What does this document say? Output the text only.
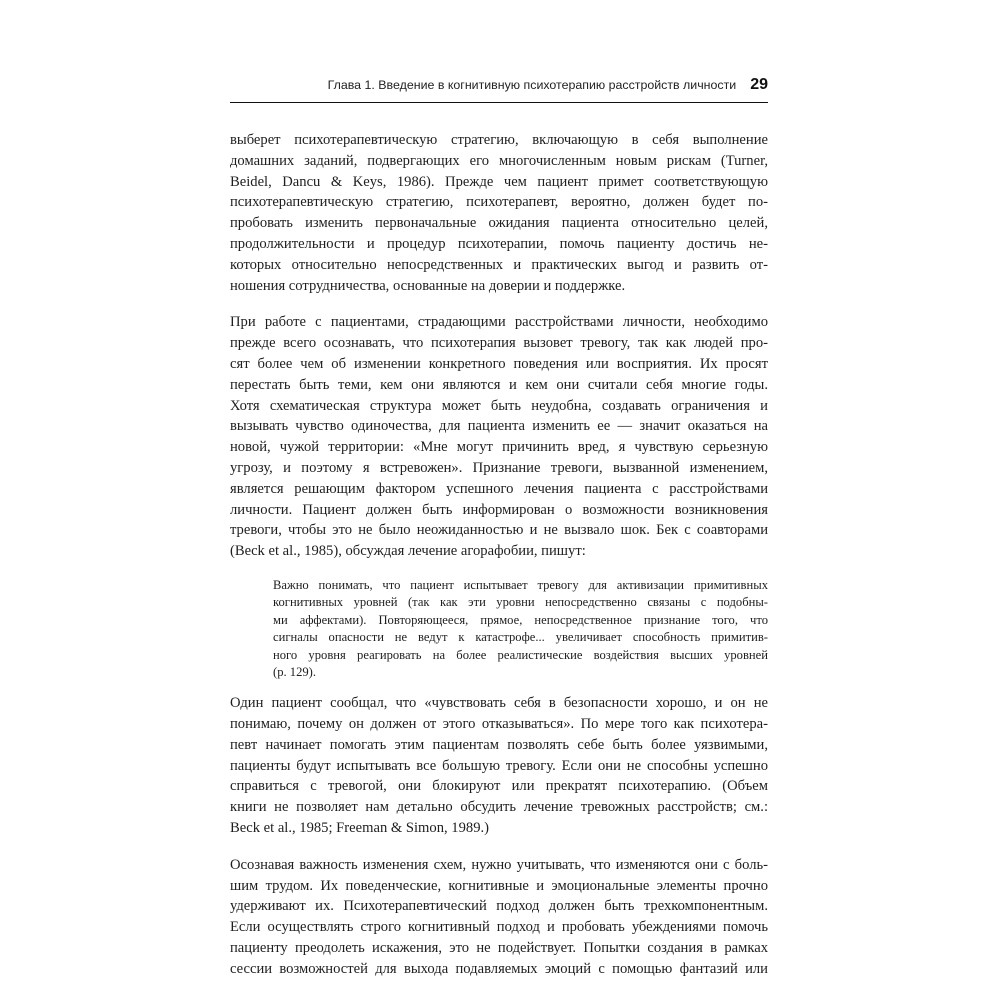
Глава 1. Введение в когнитивную психотерапию расстройств личности 29

выберет психотерапевтическую стратегию, включающую в себя выполнение
домашних заданий, подвергающих его многочисленным новым рискам (Turner,
Beidel, Dancu & Keys, 1986). Прежде чем пациент примет соответствующую
психотерапевтическую стратегию, психотерапевт, вероятно, должен будет по-
пробовать изменить первоначальные ожидания пациента относительно целей,
продолжительности и процедур психотерапии, помочь пациенту достичь не-
которых относительно непосредственных и практических выгод и развить от-
ношения сотрудничества, основанные на доверии и поддержке.

При работе с пациентами, страдающими расстройствами личности, необходимо
прежде всего осознавать, что психотерапия вызовет тревогу, так как людей про-
сят более чем об изменении конкретного поведения или восприятия. Их просят
перестать быть теми, кем они являются и кем они считали себя многие годы.
Хотя схематическая структура может быть неудобна, создавать ограничения и
вызывать чувство одиночества, для пациента изменить ее — значит оказаться на
новой, чужой территории: «Мне могут причинить вред, я чувствую серьезную
угрозу, и поэтому я встревожен». Признание тревоги, вызванной изменением,
является решающим фактором успешного лечения пациента с расстройствами
личности. Пациент должен быть информирован о возможности возникновения
тревоги, чтобы это не было неожиданностью и не вызвало шок. Бек с соавторами
(Beck et al., 1985), обсуждая лечение агорафобии, пишут:

Важно понимать, что пациент испытывает тревогу для активизации примитивных
когнитивных уровней (так как эти уровни непосредственно связаны с подобны-
ми аффектами). Повторяющееся, прямое, непосредственное признание того, что
сигналы опасности не ведут к катастрофе... увеличивает способность примитив-
ного уровня реагировать на более реалистические воздействия высших уровней
(p. 129).

Один пациент сообщал, что «чувствовать себя в безопасности хорошо, и он не
понимаю, почему он должен от этого отказываться». По мере того как психотера-
певт начинает помогать этим пациентам позволять себе быть более уязвимыми,
пациенты будут испытывать все большую тревогу. Если они не способны успешно
справиться с тревогой, они блокируют или прекратят психотерапию. (Объем
книги не позволяет нам детально обсудить лечение тревожных расстройств; см.:
Beck et al., 1985; Freeman & Simon, 1989.)

Осознавая важность изменения схем, нужно учитывать, что изменяются они с боль-
шим трудом. Их поведенческие, когнитивные и эмоциональные элементы прочно
удерживают их. Психотерапевтический подход должен быть трехкомпонентным.
Если осуществлять строго когнитивный подход и пробовать убеждениями помочь
пациенту преодолеть искажения, это не подействует. Попытки создания в рамках
сессии возможностей для выхода подавляемых эмоций с помощью фантазий или
